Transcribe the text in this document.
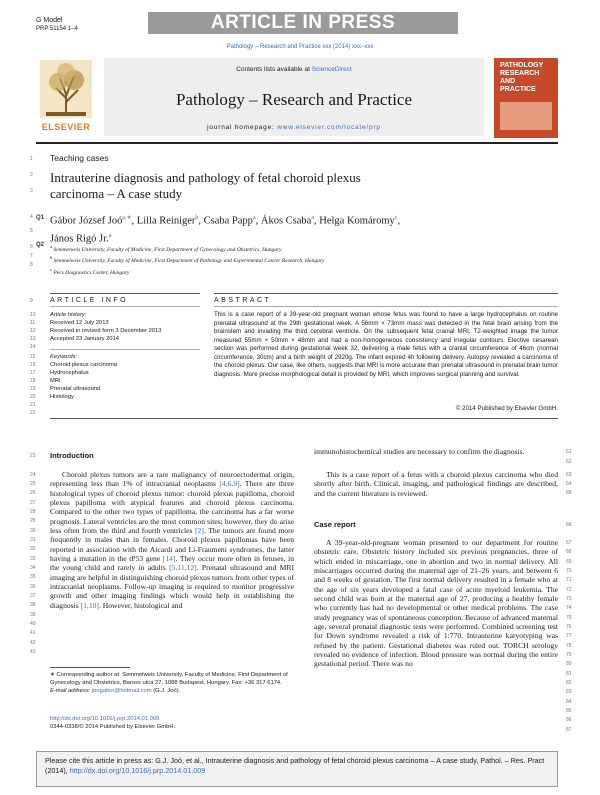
G Model
PRP 51154 1–4	ARTICLE IN PRESS
Pathology – Research and Practice xxx (2014) xxx–xxx
ELSEVIER
Contents lists available at ScienceDirect
Pathology – Research and Practice
journal homepage: www.elsevier.com/locate/prp
PATHOLOGY RESEARCH AND PRACTICE
1
2
3
4
5
6
7
8
9
10
11
12
13
14
15
16
17
18
19
20
21
22
23
24
25
26
27
28
29
30
31
32
33
34
35
36
37
38
39
40
41
42
43
61
62
63
64
65
66
67
68
69
70
71
72
73
74
75
76
77
78
79
80
81
82
83
84
85
86
87
Teaching cases
Intrauterine diagnosis and pathology of fetal choroid plexus
carcinoma – A case study
Q1
Q2
Gábor József Joó$^{a,∗}$, Lilla Reiniger$^b$, Csaba Papp$^a$, Ákos Csaba$^a$, Helga Komáromy$^c$,
János Rigó Jr.$^a$
$^a$ Semmelweis University, Faculty of Medicine, First Department of Gynecology and Obstetrics, Hungary
$^b$ Semmelweis University, Faculty of Medicine, First Department of Pathology and Experimental Cancer Research, Hungary
$^c$ Pécs Diagnostics Center, Hungary
ARTICLE INFO
Article history:
Received 12 July 2013
Received in revised form 3 December 2013
Accepted 23 January 2014
Keywords:
Choroid plexus carcinoma
Hydrocephalus
MRI
Prenatal ultrasound
Histology
ABSTRACT
This is a case report of a 39-year-old pregnant woman whose fetus was found to have a large hydrocephalus on routine prenatal ultrasound at the 29th gestational week. A 56mm × 73mm mass was detected in the fetal brain arising from the brainstem and invading the third cerebral ventricle. On the subsequent fetal cranial MRI, T2-weighted image the tumor measured 55mm × 50mm × 48mm and had a non-homogeneous consistency and irregular contours. Elective cesarean section was performed during gestational week 32, delivering a male fetus with a cranial circumference of 46cm (normal circumference, 30cm) and a birth weight of 2920g. The infant expired 4h following delivery. Autopsy revealed a carcinoma of the choroid plexus. Our case, like others, suggests that MRI is more accurate than prenatal ultrasound in prenatal brain tumor diagnosis. More precise morphological detail is provided by MRI, which improves surgical planning and survival.
© 2014 Published by Elsevier GmbH.
Introduction
Choroid plexus tumors are a rare malignancy of neuroectodermal origin, representing less than 1% of intracranial neoplasms [4,6,9]. There are three histological types of choroid plexus tumor: choroid plexus papilloma, choroid plexus papilloma with atypical features and choroid plexus carcinoma. Compared to the other two types of papilloma, the carcinoma has a far worse prognosis. Lateral ventricles are the most common sites; however, they do arise less often from the third and fourth ventricles [2]. The tumors are found more frequently in males than in females. Choroid plexus papillomas have been reported in association with the Aicardi and Li-Fraumeni syndromes, the latter having a mutation in the tP53 gene [14]. They occur more often in fetuses, in the young child and rarely in adults [5,11,12]. Prenatal ultrasound and MRI imaging are helpful in distinguishing choroid plexus tumors from other types of intracranial neoplasms. Follow-up imaging is required to monitor progressive growth and other imaging findings which would help in establishing the diagnosis [1,10]. However, histological and
immunohistochemical studies are necessary to confirm the diagnosis.
This is a case report of a fetus with a choroid plexus carcinoma who died shortly after birth. Clinical, imaging, and pathological findings are described, and the current literature is reviewed.
Case report
A 39-year-old-pregnant woman presented to our department for routine obstetric care. Obstetric history included six previous pregnancies, three of which ended in miscarriage, one in abortion and two in normal delivery. All miscarriages occurred during the maternal age of 21–26 years, and between 6 and 8 weeks of gestation. The first normal delivery resulted in a female who at the age of six years developed a fatal case of acute myeloid leukemia. The second child was born at the maternal age of 27, producing a healthy female who currently has had no developmental or other medical problems. The case study pregnancy was of spontaneous conception. Because of advanced maternal age, several prenatal diagnostic tests were performed. Combined screening test for Down syndrome revealed a risk of 1:770. Intrauterine karyotyping was refused by the patient. Gestational diabetes was ruled out. TORCH serology revealed no evidence of infection. Blood pressure was normal during the entire gestational period. There was no
∗ Corresponding author at: Semmelweis University, Faculty of Medicine, First Department of Gynecology and Obstetrics, Baross utca 27, 1088 Budapest, Hungary. Fax: +36 317 6174.
E-mail address: joogabor@hotmail.com (G.J. Joó).
http://dx.doi.org/10.1016/j.prp.2014.01.009
0344-0338/© 2014 Published by Elsevier GmbH.
Please cite this article in press as: G.J. Joó, et al., Intrauterine diagnosis and pathology of fetal choroid plexus carcinoma – A case study, Pathol. – Res. Pract (2014), http://dx.doi.org/10.1016/j.prp.2014.01.009
